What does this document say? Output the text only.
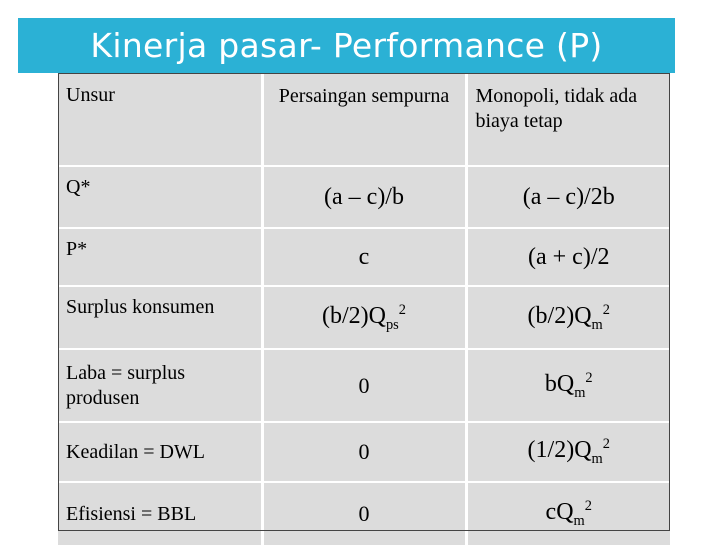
Kinerja pasar- Performance (P)
Unsur	Persaingan sempurna	Monopoli, tidak ada biaya tetap
Q*	(a – c)/b	(a – c)/2b
P*	c	(a + c)/2
Surplus konsumen	$(b/2)Q_{ps}^2$	$(b/2)Q_m^2$
Laba = surplus produsen	0	$bQ_m^2$
Keadilan = DWL	0	$(1/2)Q_m^2$
Efisiensi = BBL	0	$cQ_m^2$
